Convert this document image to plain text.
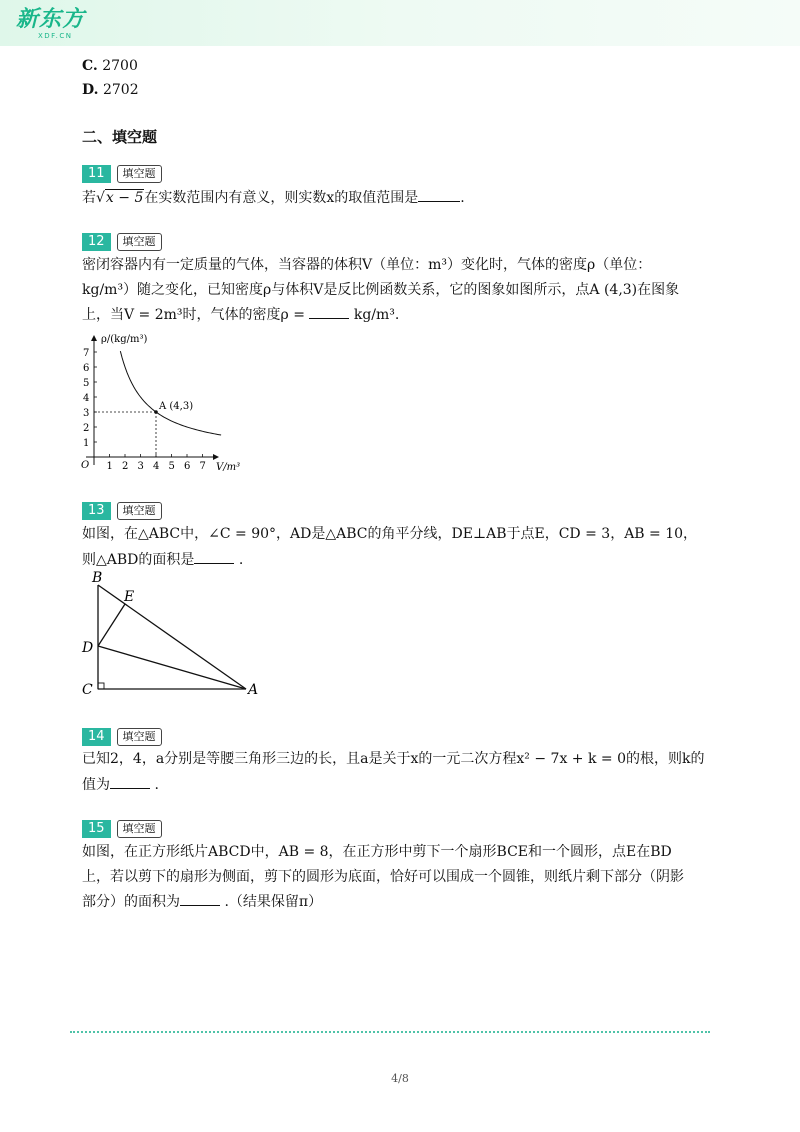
新东方
XDF.CN
C. 2700
D. 2702
二、填空题
11 填空题
若√x − 5在实数范围内有意义，则实数x的取值范围是	.
12 填空题
密闭容器内有一定质量的气体，当容器的体积V（单位：m³）变化时，气体的密度ρ（单位：
kg/m³）随之变化，已知密度ρ与体积V是反比例函数关系，它的图象如图所示，点A (4,3)在图象
上，当V = 2m³时，气体的密度ρ =	kg/m³.
ρ/(kg/m³)
V/m³
O 1 2 3 4 5 6 7
1
2
3
4
5
6
7
A (4,3)
13 填空题
如图，在△ABC中，∠C = 90°，AD是△ABC的角平分线，DE⊥AB于点E，CD = 3，AB = 10，
则△ABD的面积是	.
B
E
D
C	A
14 填空题
已知2，4，a分别是等腰三角形三边的长，且a是关于x的一元二次方程x² − 7x + k = 0的根，则k的
值为	.
15 填空题
如图，在正方形纸片ABCD中，AB = 8，在正方形中剪下一个扇形BCE和一个圆形，点E在BD
上，若以剪下的扇形为侧面，剪下的圆形为底面，恰好可以围成一个圆锥，则纸片剩下部分（阴影
部分）的面积为	.（结果保留π）
4/8
